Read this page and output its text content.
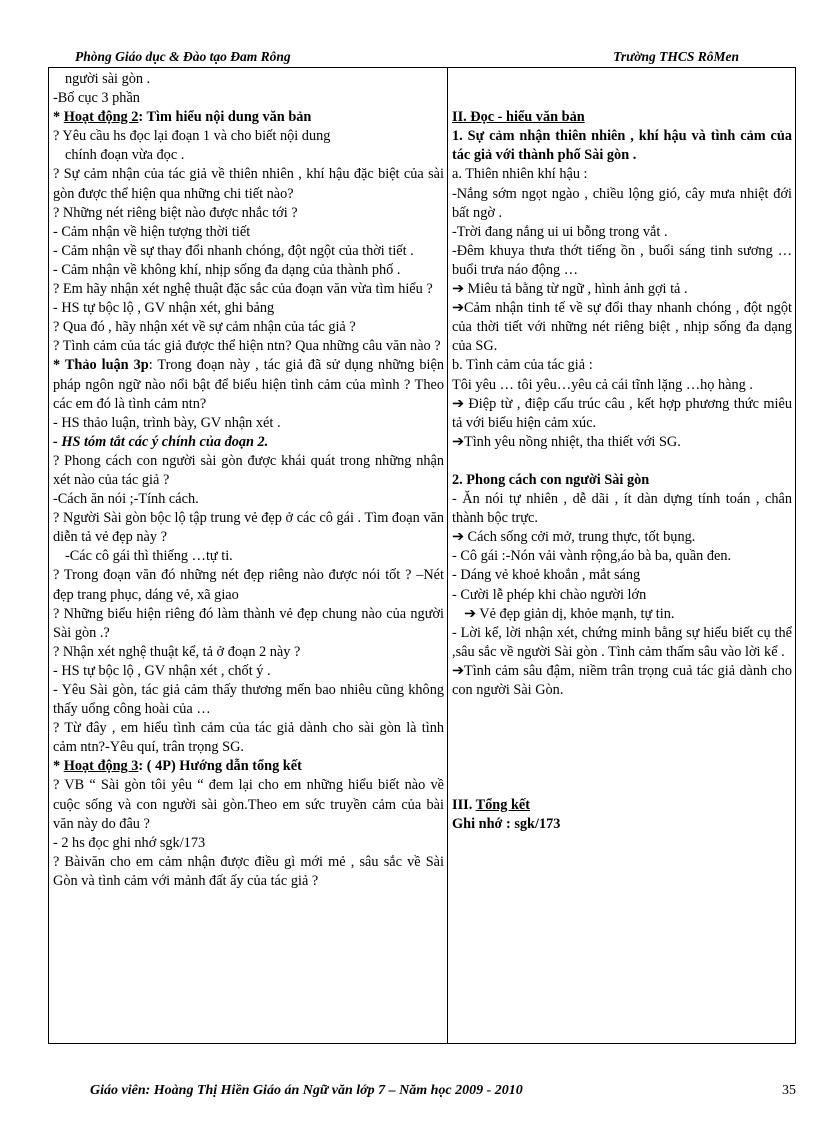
Phòng Giáo dục & Đào tạo Đam Rông	Trường THCS RôMen
người sài gòn .
-Bố cục 3 phần
* Hoạt động 2: Tìm hiểu nội dung văn bản
? Yêu cầu hs đọc lại đoạn 1 và cho biết nội dung
chính đoạn vừa đọc .
? Sự cảm nhận của tác giả về thiên nhiên , khí hậu đặc biệt của sài gòn được thể hiện qua những chi tiết nào?
? Những nét riêng biệt nào được nhắc tới ?
- Cảm nhận về hiện tượng thời tiết
- Cảm nhận về sự thay đổi nhanh chóng, đột ngột của thời tiết .
- Cảm nhận về không khí, nhịp sống đa dạng của thành phố .
? Em hãy nhận xét nghệ thuật đặc sắc của đoạn văn vừa tìm hiểu ?
- HS tự bộc lộ , GV nhận xét, ghi bảng
? Qua đó , hãy nhận xét về sự cảm nhận của tác giả ?
? Tình cảm của tác giả được thể hiện ntn? Qua những câu văn nào ?
* Thảo luận 3p: Trong đoạn này , tác giả đã sử dụng những biện pháp ngôn ngữ nào nổi bật để biểu hiện tình cảm của mình ? Theo các em đó là tình cảm ntn?
- HS thảo luận, trình bày, GV nhận xét .
- HS tóm tắt các ý chính của đoạn 2.
? Phong cách con người sài gòn được khái quát trong những nhận xét nào của tác giả ?
-Cách ăn nói ;-Tính cách.
? Người Sài gòn bộc lộ tập trung vẻ đẹp ở các cô gái . Tìm đoạn văn diễn tả vẻ đẹp này ?
-Các cô gái thì thiếng …tự ti.
? Trong đoạn văn đó những nét đẹp riêng nào được nói tốt ? –Nét đẹp trang phục, dáng vẻ, xã giao
? Những biểu hiện riêng đó làm thành vẻ đẹp chung nào của người Sài gòn .?
? Nhận xét nghệ thuật kể, tả ở đoạn 2 này ?
- HS tự bộc lộ , GV nhận xét , chốt ý .
- Yêu Sài gòn, tác giả cảm thấy thương mến bao nhiêu cũng không thấy uổng công hoài của …
? Từ đây , em hiểu tình cảm của tác giả dành cho sài gòn là tình cảm ntn?-Yêu quí, trân trọng SG.
* Hoạt động 3: ( 4P) Hướng dẫn tổng kết
? VB “ Sài gòn tôi yêu “ đem lại cho em những hiểu biết nào về cuộc sống và con người sài gòn.Theo em sức truyền cảm của bài văn này do đâu ?
- 2 hs đọc ghi nhớ sgk/173
? Bàivăn cho em cảm nhận được điều gì mới mẻ , sâu sắc về Sài Gòn và tình cảm với mảnh đất ấy của tác giả ?
II. Đọc - hiểu văn bản
1. Sự cảm nhận thiên nhiên , khí hậu và tình cảm của tác giả với thành phố Sài gòn .
a. Thiên nhiên khí hậu :
-Nắng sớm ngọt ngào , chiều lộng gió, cây mưa nhiệt đới bất ngờ .
-Trời đang nắng ui ui bỗng trong vắt .
-Đêm khuya thưa thớt tiếng ồn , buổi sáng tinh sương …buổi trưa náo động …
➔ Miêu tả bằng từ ngữ , hình ảnh gợi tả .
➔Cảm nhận tinh tế về sự đổi thay nhanh chóng , đột ngột của thời tiết với những nét riêng biệt , nhịp sống đa dạng của SG.
b. Tình cảm của tác giả :
Tôi yêu … tôi yêu…yêu cả cái tĩnh lặng …họ hàng .
➔ Điệp từ , điệp cấu trúc câu , kết hợp phương thức miêu tả với biểu hiện cảm xúc.
➔Tình yêu nồng nhiệt, tha thiết với SG.
2. Phong cách con người Sài gòn
- Ăn nói tự nhiên , dễ dãi , ít dàn dựng tính toán , chân thành bộc trực.
➔ Cách sống cởi mở, trung thực, tốt bụng.
- Cô gái :-Nón vải vành rộng,áo bà ba, quần đen.
- Dáng vẻ khoẻ khoắn , mắt sáng
- Cười lễ phép khi chào người lớn
➔ Vẻ đẹp giản dị, khỏe mạnh, tự tin.
- Lời kể, lời nhận xét, chứng minh bằng sự hiểu biết cụ thể ,sâu sắc về người Sài gòn . Tình cảm thấm sâu vào lời kể .
➔Tình cảm sâu đậm, niềm trân trọng cuả tác giả dành cho con người Sài Gòn.
III. Tổng kết
Ghi nhớ : sgk/173
Giáo viên: Hoàng Thị Hiền Giáo án Ngữ văn lớp 7 – Năm học 2009 - 2010	35
